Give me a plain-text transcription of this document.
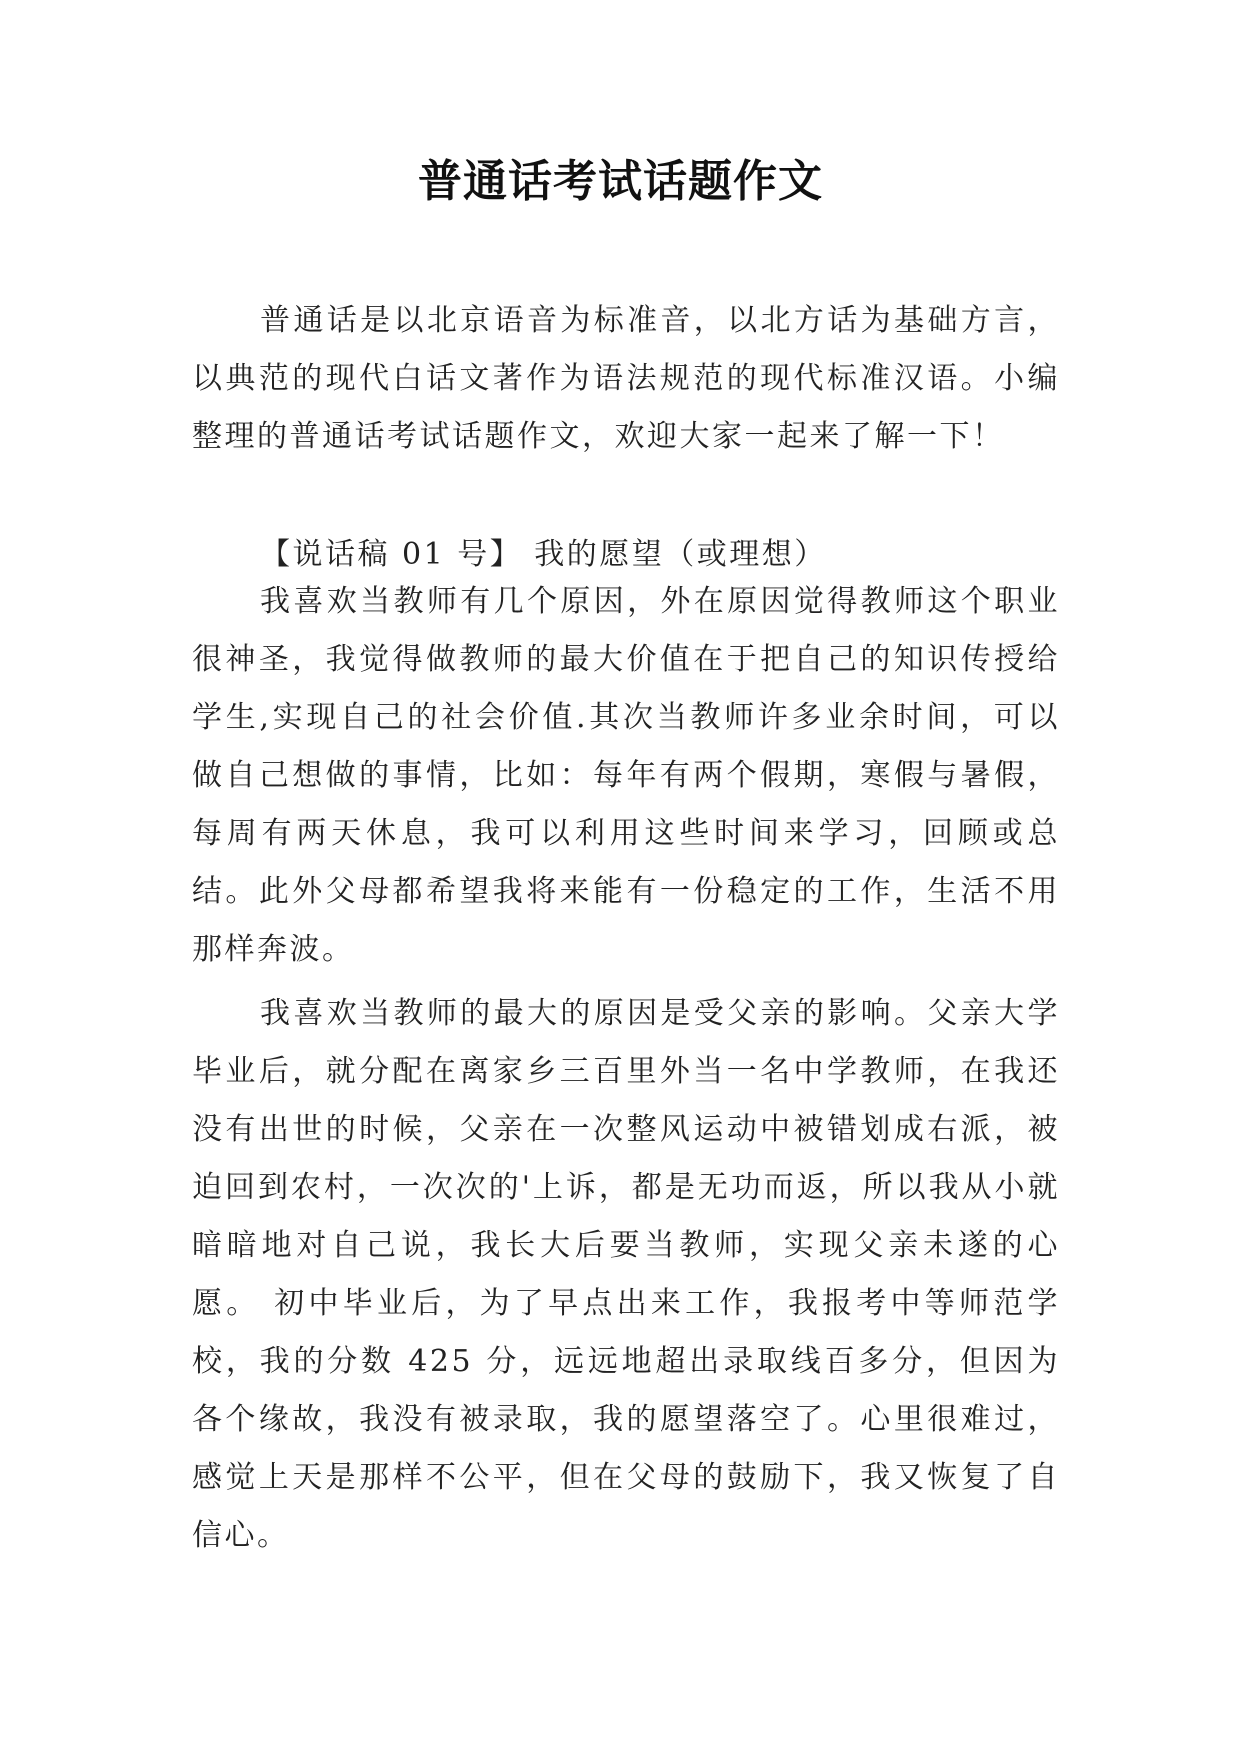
普通话考试话题作文

普通话是以北京语音为标准音，以北方话为基础方言，以典范的现代白话文著作为语法规范的现代标准汉语。小编整理的普通话考试话题作文，欢迎大家一起来了解一下！

【说话稿 01 号】 我的愿望（或理想）

我喜欢当教师有几个原因，外在原因觉得教师这个职业很神圣，我觉得做教师的最大价值在于把自己的知识传授给学生,实现自己的社会价值.其次当教师许多业余时间，可以做自己想做的事情，比如：每年有两个假期，寒假与暑假，每周有两天休息，我可以利用这些时间来学习，回顾或总结。此外父母都希望我将来能有一份稳定的工作，生活不用那样奔波。

我喜欢当教师的最大的原因是受父亲的影响。父亲大学毕业后，就分配在离家乡三百里外当一名中学教师，在我还没有出世的时候，父亲在一次整风运动中被错划成右派，被迫回到农村，一次次的'上诉，都是无功而返，所以我从小就暗暗地对自己说，我长大后要当教师，实现父亲未遂的心愿。 初中毕业后，为了早点出来工作，我报考中等师范学校，我的分数 425 分，远远地超出录取线百多分，但因为各个缘故，我没有被录取，我的愿望落空了。心里很难过，感觉上天是那样不公平，但在父母的鼓励下，我又恢复了自信心。
